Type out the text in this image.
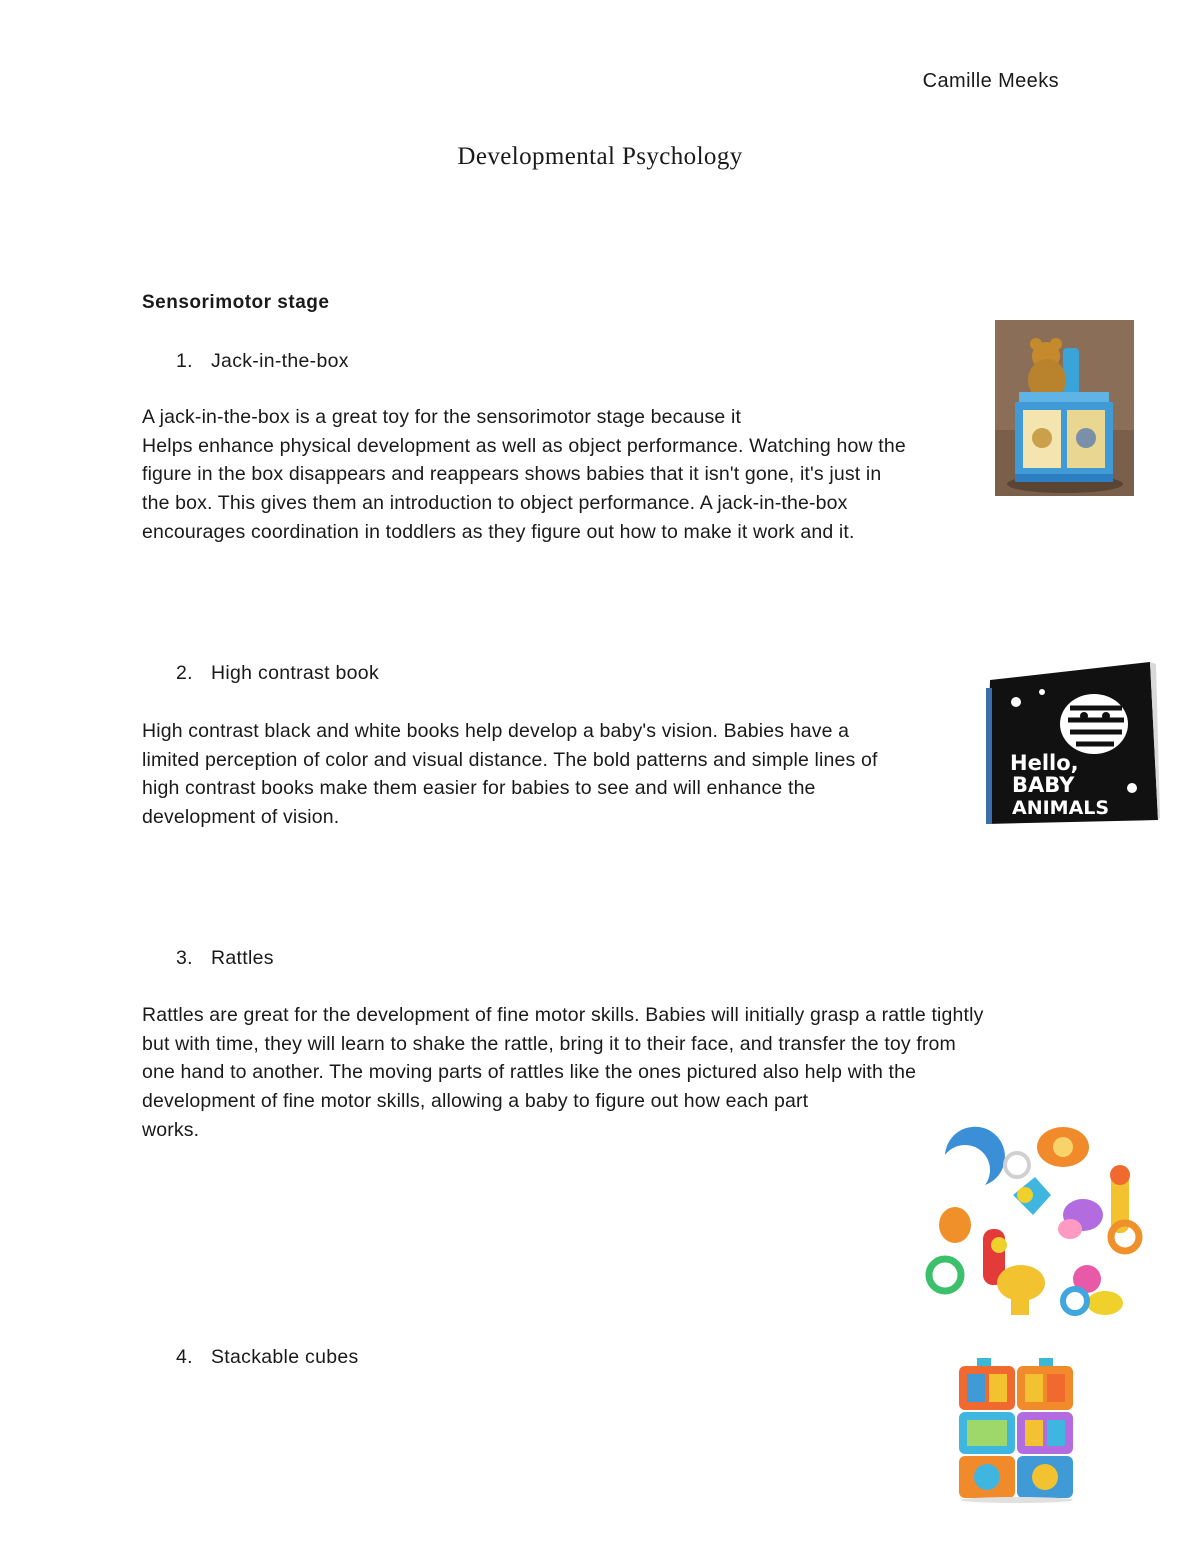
Camille Meeks
Developmental Psychology
Sensorimotor stage
1. Jack-in-the-box
A jack-in-the-box is a great toy for the sensorimotor stage because it
Helps enhance physical development as well as object performance. Watching how the
figure in the box disappears and reappears shows babies that it isn't gone, it's just in
the box. This gives them an introduction to object performance. A jack-in-the-box
encourages coordination in toddlers as they figure out how to make it work and it.
2. High contrast book
High contrast black and white books help develop a baby's vision. Babies have a
limited perception of color and visual distance. The bold patterns and simple lines of
high contrast books make them easier for babies to see and will enhance the
development of vision.
Hello,
BABY
ANIMALS
3. Rattles
Rattles are great for the development of fine motor skills. Babies will initially grasp a rattle tightly
but with time, they will learn to shake the rattle, bring it to their face, and transfer the toy from
one hand to another. The moving parts of rattles like the ones pictured also help with the
development of fine motor skills, allowing a baby to figure out how each part
works.
4. Stackable cubes
